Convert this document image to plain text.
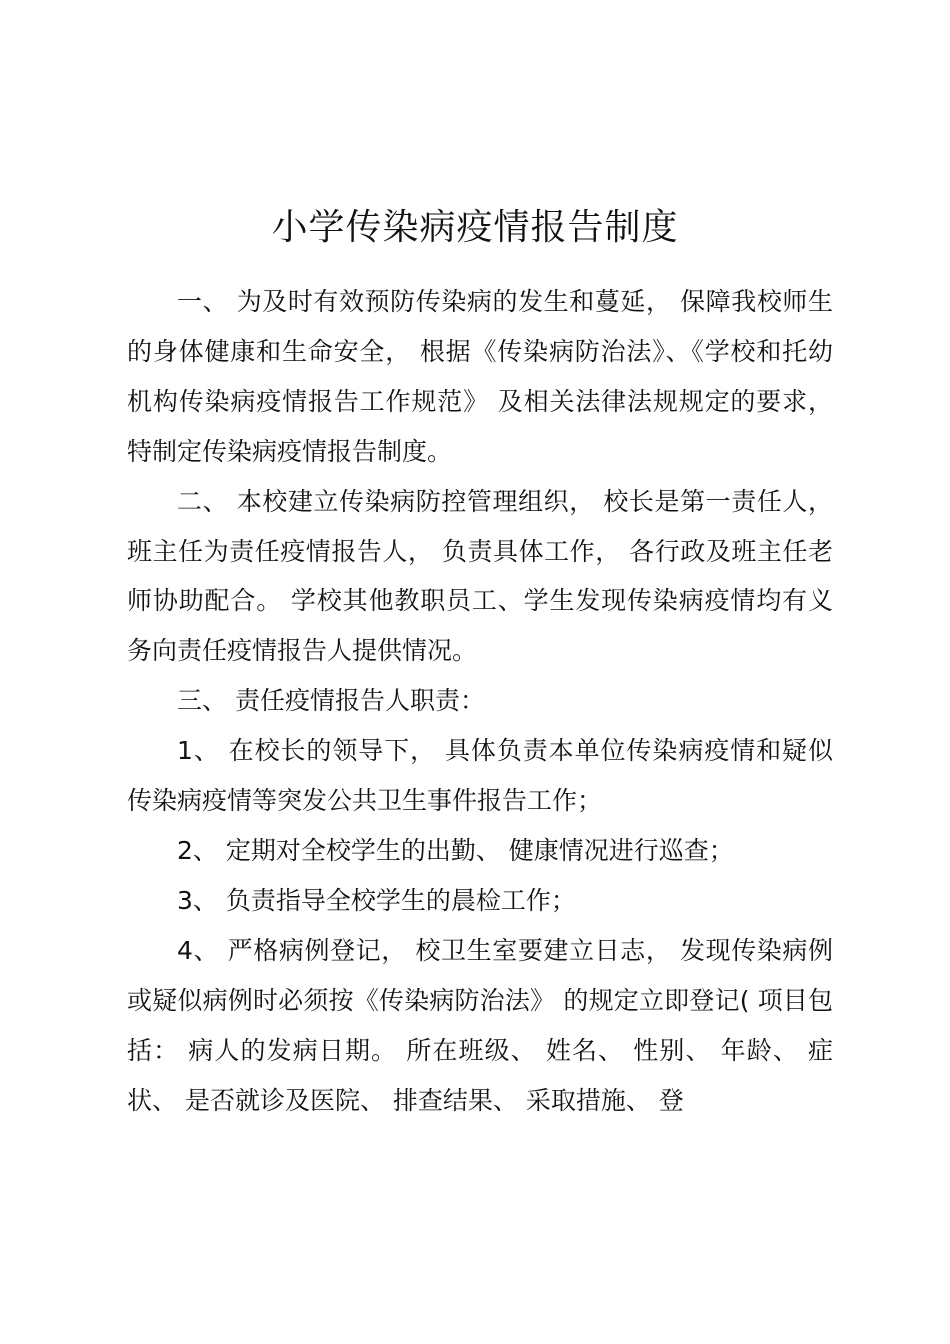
小学传染病疫情报告制度

一、 为及时有效预防传染病的发生和蔓延， 保障我校师生的身体健康和生命安全， 根据《传染病防治法》、《学校和托幼机构传染病疫情报告工作规范》 及相关法律法规规定的要求， 特制定传染病疫情报告制度。

二、 本校建立传染病防控管理组织， 校长是第一责任人，班主任为责任疫情报告人， 负责具体工作， 各行政及班主任老师协助配合。 学校其他教职员工、学生发现传染病疫情均有义务向责任疫情报告人提供情况。

三、 责任疫情报告人职责：

1、 在校长的领导下， 具体负责本单位传染病疫情和疑似传染病疫情等突发公共卫生事件报告工作；

2、 定期对全校学生的出勤、 健康情况进行巡查；

3、 负责指导全校学生的晨检工作；

4、 严格病例登记， 校卫生室要建立日志， 发现传染病例或疑似病例时必须按《传染病防治法》 的规定立即登记( 项目包括： 病人的发病日期。 所在班级、 姓名、 性别、 年龄、 症状、 是否就诊及医院、 排查结果、 采取措施、 登
